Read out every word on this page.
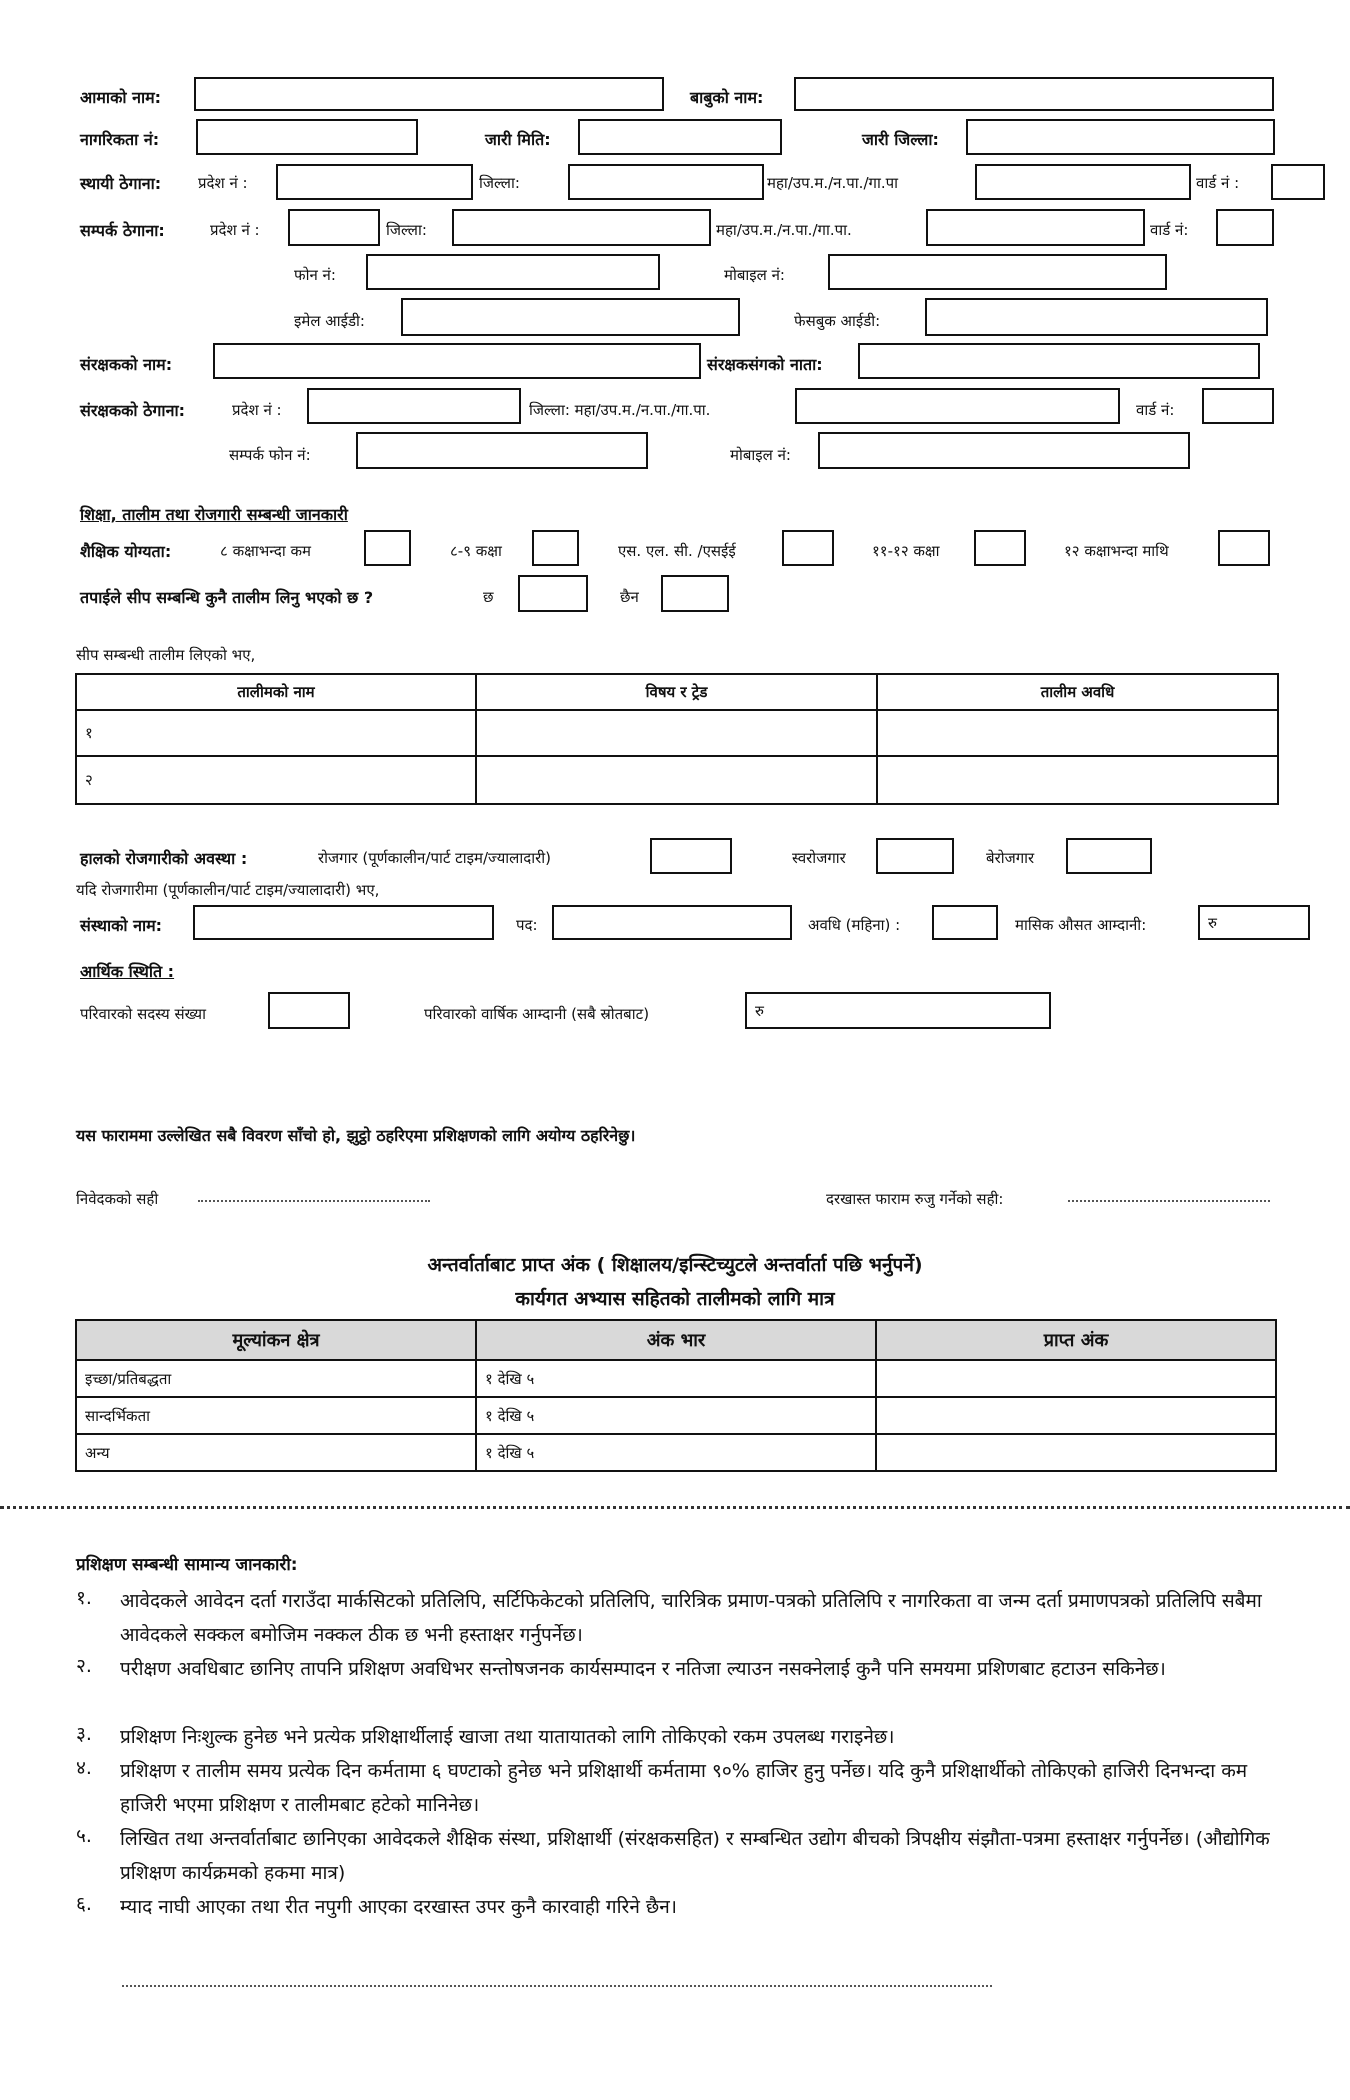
आमाको नाम:	बाबुको नाम:
नागरिकता नं:	जारी मिति:	जारी जिल्ला:
स्थायी ठेगाना: प्रदेश नं :	जिल्ला:	महा/उप.म./न.पा./गा.पा	वार्ड नं :
सम्पर्क ठेगाना:	प्रदेश नं :	जिल्ला:	महा/उप.म./न.पा./गा.पा.	वार्ड नं:
फोन नं:	मोबाइल नं:
इमेल आईडी:	फेसबुक आईडी:
संरक्षकको नाम:	संरक्षकसंगको नाता:
संरक्षकको ठेगाना:	प्रदेश नं :	जिल्ला: महा/उप.म./न.पा./गा.पा.	वार्ड नं:
सम्पर्क फोन नं:	मोबाइल नं:
शिक्षा, तालीम तथा रोजगारी सम्बन्धी जानकारी
शैक्षिक योग्यता:	८ कक्षाभन्दा कम	८-९ कक्षा	एस. एल. सी. /एसईई	११-१२ कक्षा	१२ कक्षाभन्दा माथि
तपाईले सीप सम्बन्धि कुनै तालीम लिनु भएको छ ?	छ	छैन
सीप सम्बन्धी तालीम लिएको भए,
तालीमको नाम	विषय र ट्रेड	तालीम अवधि
१		
२		
हालको रोजगारीको अवस्था :	रोजगार (पूर्णकालीन/पार्ट टाइम/ज्यालादारी)	स्वरोजगार	बेरोजगार
यदि रोजगारीमा (पूर्णकालीन/पार्ट टाइम/ज्यालादारी) भए,
संस्थाको नाम:	पद:	अवधि (महिना) :	मासिक औसत आम्दानी:	रु
आर्थिक स्थिति :
परिवारको सदस्य संख्या	परिवारको वार्षिक आम्दानी (सबै स्रोतबाट)	रु
यस फाराममा उल्लेखित सबै विवरण साँचो हो, झुट्ठो ठहरिएमा प्रशिक्षणको लागि अयोग्य ठहरिनेछु।
निवेदकको सही	दरखास्त फाराम रुजु गर्नेको सही:
अन्तर्वार्ताबाट प्राप्त अंक ( शिक्षालय/इन्स्टिच्युटले अन्तर्वार्ता पछि भर्नुपर्ने)
कार्यगत अभ्यास सहितको तालीमको लागि मात्र
मूल्यांकन क्षेत्र	अंक भार	प्राप्त अंक
इच्छा/प्रतिबद्धता	१ देखि ५	
सान्दर्भिकता	१ देखि ५	
अन्य	१ देखि ५	
प्रशिक्षण सम्बन्धी सामान्य जानकारी:
१. आवेदकले आवेदन दर्ता गराउँदा मार्कसिटको प्रतिलिपि, सर्टिफिकेटको प्रतिलिपि, चारित्रिक प्रमाण-पत्रको प्रतिलिपि र नागरिकता वा जन्म दर्ता प्रमाणपत्रको प्रतिलिपि सबैमा आवेदकले सक्कल बमोजिम नक्कल ठीक छ भनी हस्ताक्षर गर्नुपर्नेछ।
२. परीक्षण अवधिबाट छानिए तापनि प्रशिक्षण अवधिभर सन्तोषजनक कार्यसम्पादन र नतिजा ल्याउन नसक्नेलाई कुनै पनि समयमा प्रशिणबाट हटाउन सकिनेछ।
३. प्रशिक्षण निःशुल्क हुनेछ भने प्रत्येक प्रशिक्षार्थीलाई खाजा तथा यातायातको लागि तोकिएको रकम उपलब्ध गराइनेछ।
४. प्रशिक्षण र तालीम समय प्रत्येक दिन कर्मतामा ६ घण्टाको हुनेछ भने प्रशिक्षार्थी कर्मतामा ९०% हाजिर हुनु पर्नेछ। यदि कुनै प्रशिक्षार्थीको तोकिएको हाजिरी दिनभन्दा कम हाजिरी भएमा प्रशिक्षण र तालीमबाट हटेको मानिनेछ।
५. लिखित तथा अन्तर्वार्ताबाट छानिएका आवेदकले शैक्षिक संस्था, प्रशिक्षार्थी (संरक्षकसहित) र सम्बन्धित उद्योग बीचको त्रिपक्षीय संझौता-पत्रमा हस्ताक्षर गर्नुपर्नेछ। (औद्योगिक प्रशिक्षण कार्यक्रमको हकमा मात्र)
६. म्याद नाघी आएका तथा रीत नपुगी आएका दरखास्त उपर कुनै कारवाही गरिने छैन।
